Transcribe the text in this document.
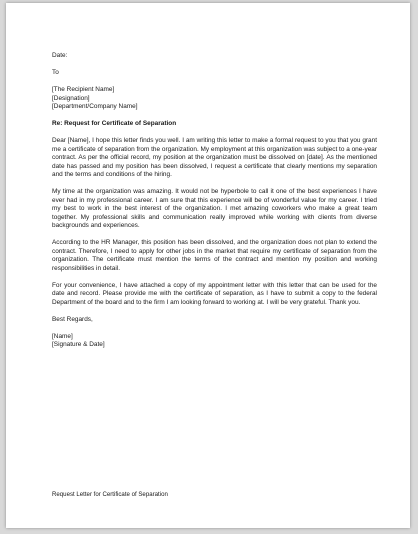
Date:
To
[The Recipient Name]
[Designation]
[Department/Company Name]
Re: Request for Certificate of Separation

Dear [Name], I hope this letter finds you well. I am writing this letter to make a formal request to you that you grant me a certificate of separation from the organization. My employment at this organization was subject to a one-year contract. As per the official record, my position at the organization must be dissolved on [date]. As the mentioned date has passed and my position has been dissolved, I request a certificate that clearly mentions my separation and the terms and conditions of the hiring.

My time at the organization was amazing. It would not be hyperbole to call it one of the best experiences I have ever had in my professional career. I am sure that this experience will be of wonderful value for my career. I tried my best to work in the best interest of the organization. I met amazing coworkers who make a great team together. My professional skills and communication really improved while working with clients from diverse backgrounds and experiences.

According to the HR Manager, this position has been dissolved, and the organization does not plan to extend the contract. Therefore, I need to apply for other jobs in the market that require my certificate of separation from the organization. The certificate must mention the terms of the contract and mention my position and working responsibilities in detail.

For your convenience, I have attached a copy of my appointment letter with this letter that can be used for the date and record. Please provide me with the certificate of separation, as I have to submit a copy to the federal Department of the board and to the firm I am looking forward to working at. I will be very grateful. Thank you.

Best Regards,
[Name]
[Signature & Date]
Request Letter for Certificate of Separation
